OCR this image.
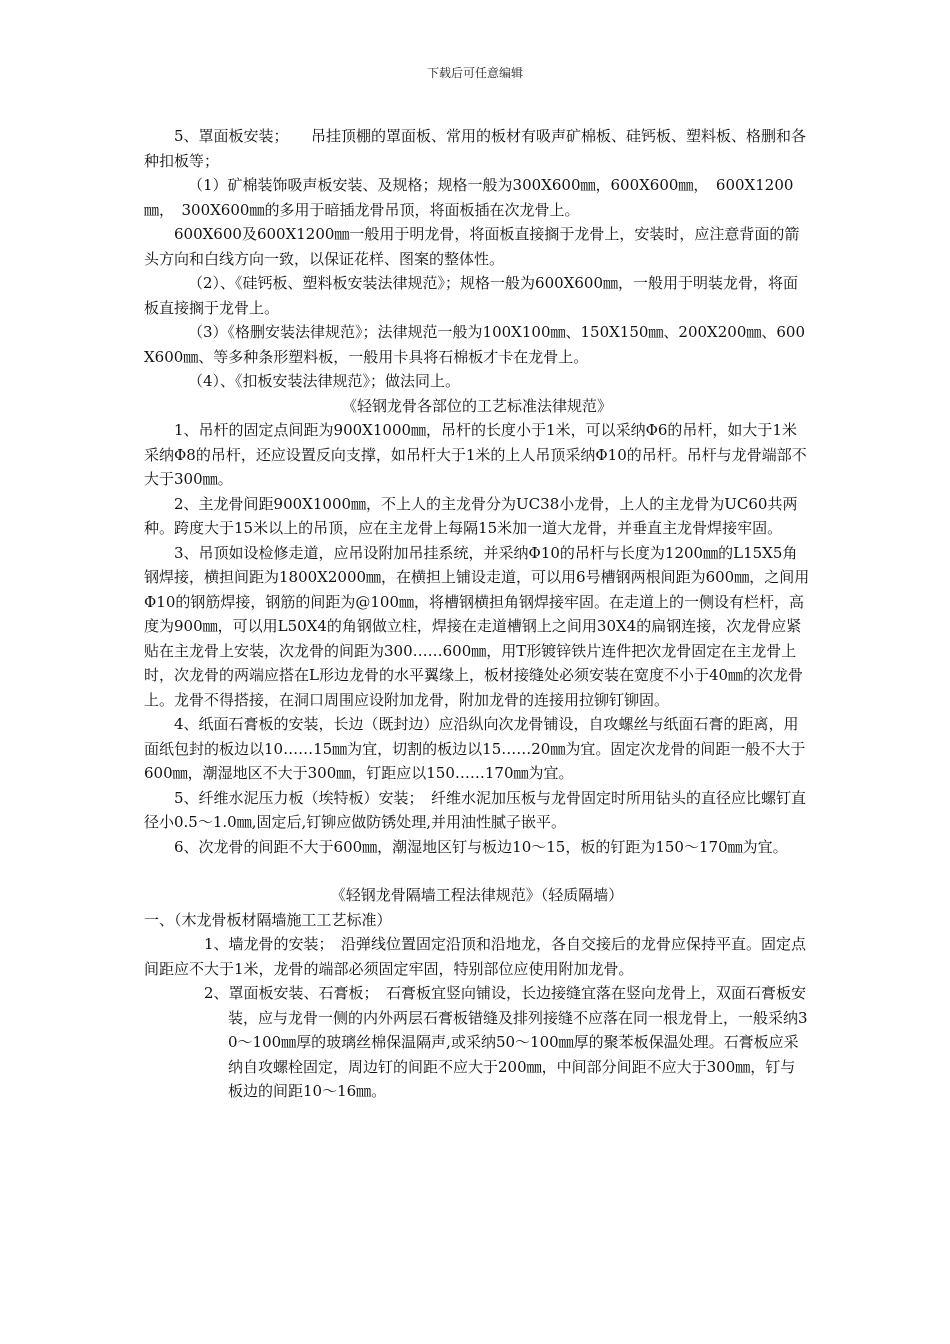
下载后可任意编辑

5、罩面板安装；　　吊挂顶棚的罩面板、常用的板材有吸声矿棉板、硅钙板、塑料板、格删和各种扣板等；

（1）矿棉装饰吸声板安装、及规格；规格一般为300X600㎜，600X600㎜，　600X1200㎜，　300X600㎜的多用于暗插龙骨吊顶，将面板插在次龙骨上。

600X600及600X1200㎜一般用于明龙骨，将面板直接搁于龙骨上，安装时，应注意背面的箭头方向和白线方向一致，以保证花样、图案的整体性。

（2）、《硅钙板、塑料板安装法律规范》；规格一般为600X600㎜，一般用于明装龙骨，将面板直接搁于龙骨上。

（3）《格删安装法律规范》；法律规范一般为100X100㎜、150X150㎜、200X200㎜、600X600㎜、等多种条形塑料板，一般用卡具将石棉板才卡在龙骨上。

（4）、《扣板安装法律规范》；做法同上。

《轻钢龙骨各部位的工艺标准法律规范》

1、吊杆的固定点间距为900X1000㎜，吊杆的长度小于1米，可以采纳Φ6的吊杆，如大于1米采纳Φ8的吊杆，还应设置反向支撑，如吊杆大于1米的上人吊顶采纳Φ10的吊杆。吊杆与龙骨端部不大于300㎜。

2、主龙骨间距900X1000㎜，不上人的主龙骨分为UC38小龙骨，上人的主龙骨为UC60共两种。跨度大于15米以上的吊顶，应在主龙骨上每隔15米加一道大龙骨，并垂直主龙骨焊接牢固。

3、吊顶如设检修走道，应吊设附加吊挂系统，并采纳Φ10的吊杆与长度为1200㎜的L15X5角钢焊接，横担间距为1800X2000㎜，在横担上铺设走道，可以用6号槽钢两根间距为600㎜，之间用Φ10的钢筋焊接，钢筋的间距为@100㎜，将槽钢横担角钢焊接牢固。在走道上的一侧设有栏杆，高度为900㎜，可以用L50X4的角钢做立柱，焊接在走道槽钢上之间用30X4的扁钢连接，次龙骨应紧贴在主龙骨上安装，次龙骨的间距为300……600㎜，用T形镀锌铁片连件把次龙骨固定在主龙骨上时，次龙骨的两端应搭在L形边龙骨的水平翼缘上，板材接缝处必须安装在宽度不小于40㎜的次龙骨上。龙骨不得搭接，在洞口周围应设附加龙骨，附加龙骨的连接用拉铆钉铆固。

4、纸面石膏板的安装，长边（既封边）应沿纵向次龙骨铺设，自攻螺丝与纸面石膏的距离，用面纸包封的板边以10……15㎜为宜，切割的板边以15……20㎜为宜。固定次龙骨的间距一般不大于600㎜，潮湿地区不大于300㎜，钉距应以150……170㎜为宜。

5、纤维水泥压力板（埃特板）安装；　纤维水泥加压板与龙骨固定时所用钻头的直径应比螺钉直径小0.5～1.0㎜,固定后,钉铆应做防锈处理,并用油性腻子嵌平。

6、次龙骨的间距不大于600㎜，潮湿地区钉与板边10～15，板的钉距为150～170㎜为宜。

《轻钢龙骨隔墙工程法律规范》（轻质隔墙）

一、（木龙骨板材隔墙施工工艺标准）

1、墙龙骨的安装；　沿弹线位置固定沿顶和沿地龙，各自交接后的龙骨应保持平直。固定点间距应不大于1米，龙骨的端部必须固定牢固，特别部位应使用附加龙骨。

2、罩面板安装、石膏板；　石膏板宜竖向铺设，长边接缝宜落在竖向龙骨上，双面石膏板安装，应与龙骨一侧的内外两层石膏板错缝及排列接缝不应落在同一根龙骨上，一般采纳30～100㎜厚的玻璃丝棉保温隔声,或采纳50～100㎜厚的聚苯板保温处理。石膏板应采纳自攻螺栓固定，周边钉的间距不应大于200㎜，中间部分间距不应大于300㎜，钉与板边的间距10～16㎜。
